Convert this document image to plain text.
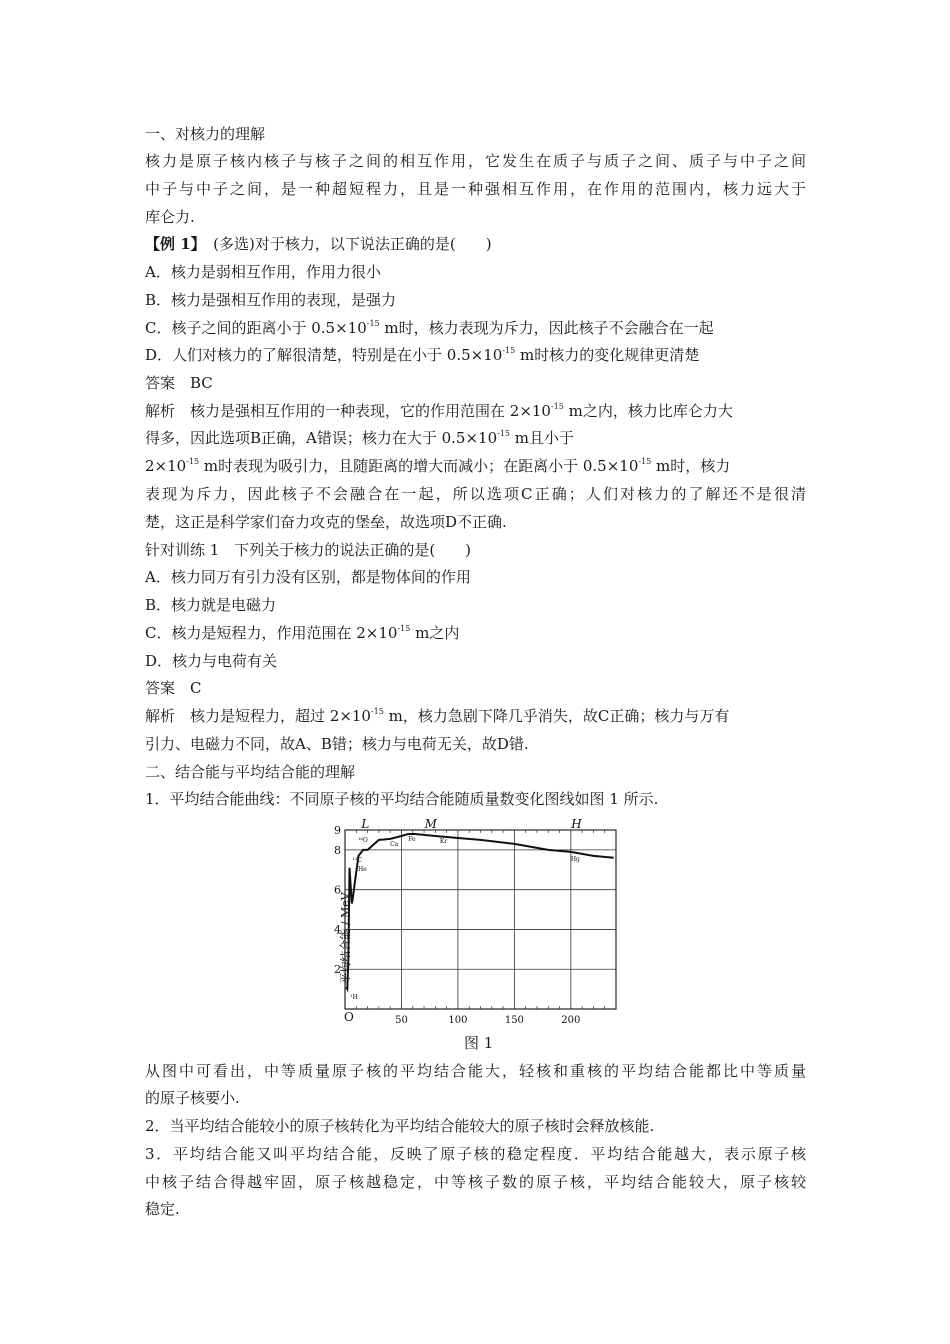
一、对核力的理解
核力是原子核内核子与核子之间的相互作用，它发生在质子与质子之间、质子与中子之间
中子与中子之间，是一种超短程力，且是一种强相互作用，在作用的范围内，核力远大于
库仑力.
【例 1】　(多选)对于核力，以下说法正确的是(　　)
A．核力是弱相互作用，作用力很小
B．核力是强相互作用的表现，是强力
C．核子之间的距离小于 $0.5\times 10^{-15}$ m时，核力表现为斥力，因此核子不会融合在一起
D．人们对核力的了解很清楚，特别是在小于 $0.5\times 10^{-15}$ m时核力的变化规律更清楚
答案　BC
解析　核力是强相互作用的一种表现，它的作用范围在 $2\times 10^{-15}$ m之内，核力比库仑力大
得多，因此选项B正确，A错误；核力在大于 $0.5\times 10^{-15}$ m且小于
$2\times 10^{-15}$ m时表现为吸引力，且随距离的增大而减小；在距离小于 $0.5\times 10^{-15}$ m时，核力
表现为斥力，因此核子不会融合在一起，所以选项C正确；人们对核力的了解还不是很清
楚，这正是科学家们奋力攻克的堡垒，故选项D不正确.
针对训练 1　下列关于核力的说法正确的是(　　)
A．核力同万有引力没有区别，都是物体间的作用
B．核力就是电磁力
C．核力是短程力，作用范围在 $2\times 10^{-15}$ m之内
D．核力与电荷有关
答案　C
解析　核力是短程力，超过 $2\times 10^{-15}$ m，核力急剧下降几乎消失，故C正确；核力与万有
引力、电磁力不同，故A、B错；核力与电荷无关，故D错.
二、结合能与平均结合能的理解
1．平均结合能曲线：不同原子核的平均结合能随质量数变化图线如图 1 所示.
50	100	150	200
2
4
6
8
9
¹H
⁴He
¹⁶O
¹²C
Ca
Fe	Kr
Hg
L	M	H
平均结合能 / MeV
O
图 1
从图中可看出，中等质量原子核的平均结合能大，轻核和重核的平均结合能都比中等质量
的原子核要小.
2．当平均结合能较小的原子核转化为平均结合能较大的原子核时会释放核能.
3．平均结合能又叫平均结合能，反映了原子核的稳定程度．平均结合能越大，表示原子核
中核子结合得越牢固，原子核越稳定，中等核子数的原子核，平均结合能较大，原子核较
稳定.
